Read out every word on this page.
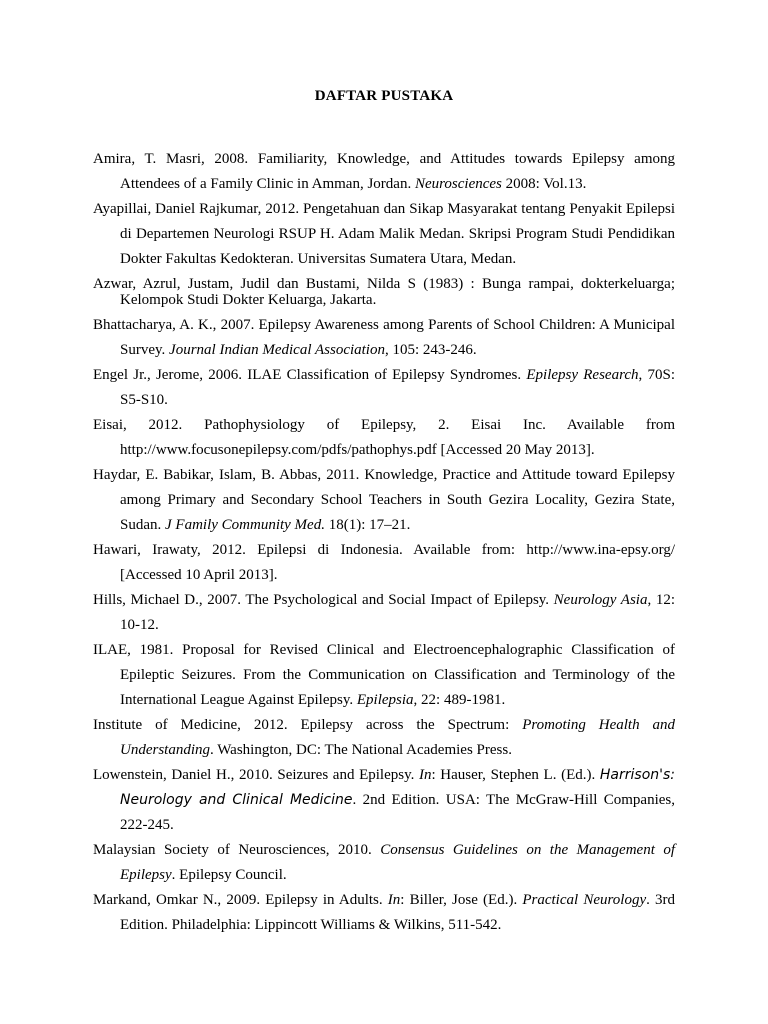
DAFTAR PUSTAKA
Amira, T. Masri, 2008. Familiarity, Knowledge, and Attitudes towards Epilepsy among Attendees of a Family Clinic in Amman, Jordan. Neurosciences 2008: Vol.13.
Ayapillai, Daniel Rajkumar, 2012. Pengetahuan dan Sikap Masyarakat tentang Penyakit Epilepsi di Departemen Neurologi RSUP H. Adam Malik Medan. Skripsi Program Studi Pendidikan Dokter Fakultas Kedokteran. Universitas Sumatera Utara, Medan.
Azwar, Azrul, Justam, Judil dan Bustami, Nilda S (1983) : Bunga rampai, dokterkeluarga; Kelompok Studi Dokter Keluarga, Jakarta.
Bhattacharya, A. K., 2007. Epilepsy Awareness among Parents of School Children: A Municipal Survey. Journal Indian Medical Association, 105: 243-246.
Engel Jr., Jerome, 2006. ILAE Classification of Epilepsy Syndromes. Epilepsy Research, 70S: S5-S10.
Eisai, 2012. Pathophysiology of Epilepsy, 2. Eisai Inc. Available from http://www.focusonepilepsy.com/pdfs/pathophys.pdf [Accessed 20 May 2013].
Haydar, E. Babikar, Islam, B. Abbas, 2011. Knowledge, Practice and Attitude toward Epilepsy among Primary and Secondary School Teachers in South Gezira Locality, Gezira State, Sudan. J Family Community Med. 18(1): 17–21.
Hawari, Irawaty, 2012. Epilepsi di Indonesia. Available from: http://www.ina-epsy.org/ [Accessed 10 April 2013].
Hills, Michael D., 2007. The Psychological and Social Impact of Epilepsy. Neurology Asia, 12: 10-12.
ILAE, 1981. Proposal for Revised Clinical and Electroencephalographic Classification of Epileptic Seizures. From the Communication on Classification and Terminology of the International League Against Epilepsy. Epilepsia, 22: 489-1981.
Institute of Medicine, 2012. Epilepsy across the Spectrum: Promoting Health and Understanding. Washington, DC: The National Academies Press.
Lowenstein, Daniel H., 2010. Seizures and Epilepsy. In: Hauser, Stephen L. (Ed.). Harrison's: Neurology and Clinical Medicine. 2nd Edition. USA: The McGraw-Hill Companies, 222-245.
Malaysian Society of Neurosciences, 2010. Consensus Guidelines on the Management of Epilepsy. Epilepsy Council.
Markand, Omkar N., 2009. Epilepsy in Adults. In: Biller, Jose (Ed.). Practical Neurology. 3rd Edition. Philadelphia: Lippincott Williams & Wilkins, 511-542.
